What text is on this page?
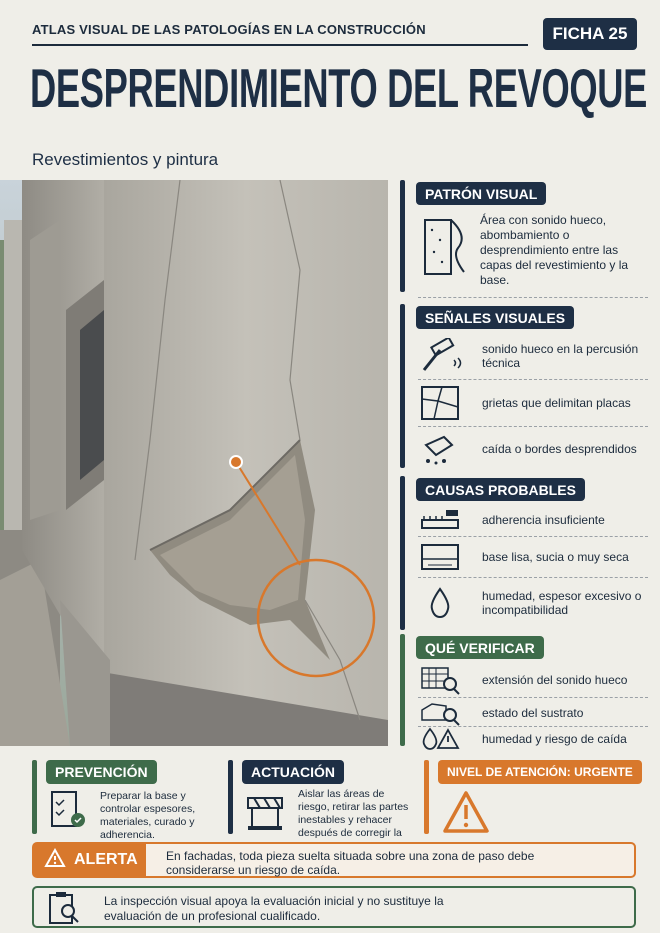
ATLAS VISUAL DE LAS PATOLOGÍAS EN LA CONSTRUCCIÓN	FICHA 25
DESPRENDIMIENTO DEL REVOQUE
Revestimientos y pintura
PATRÓN VISUAL
Área con sonido hueco, abombamiento o desprendimiento entre las capas del revestimiento y la base.
SEÑALES VISUALES
sonido hueco en la percusión técnica
grietas que delimitan placas
caída o bordes desprendidos
CAUSAS PROBABLES
adherencia insuficiente
base lisa, sucia o muy seca
humedad, espesor excesivo o incompatibilidad
QUÉ VERIFICAR
extensión del sonido hueco
estado del sustrato
humedad y riesgo de caída
PREVENCIÓN
Preparar la base y controlar espesores, materiales, curado y adherencia.
ACTUACIÓN
Aislar las áreas de riesgo, retirar las partes inestables y rehacer después de corregir la
NIVEL DE ATENCIÓN: URGENTE
ALERTA En fachadas, toda pieza suelta situada sobre una zona de paso debe considerarse un riesgo de caída.
La inspección visual apoya la evaluación inicial y no sustituye la evaluación de un profesional cualificado.
